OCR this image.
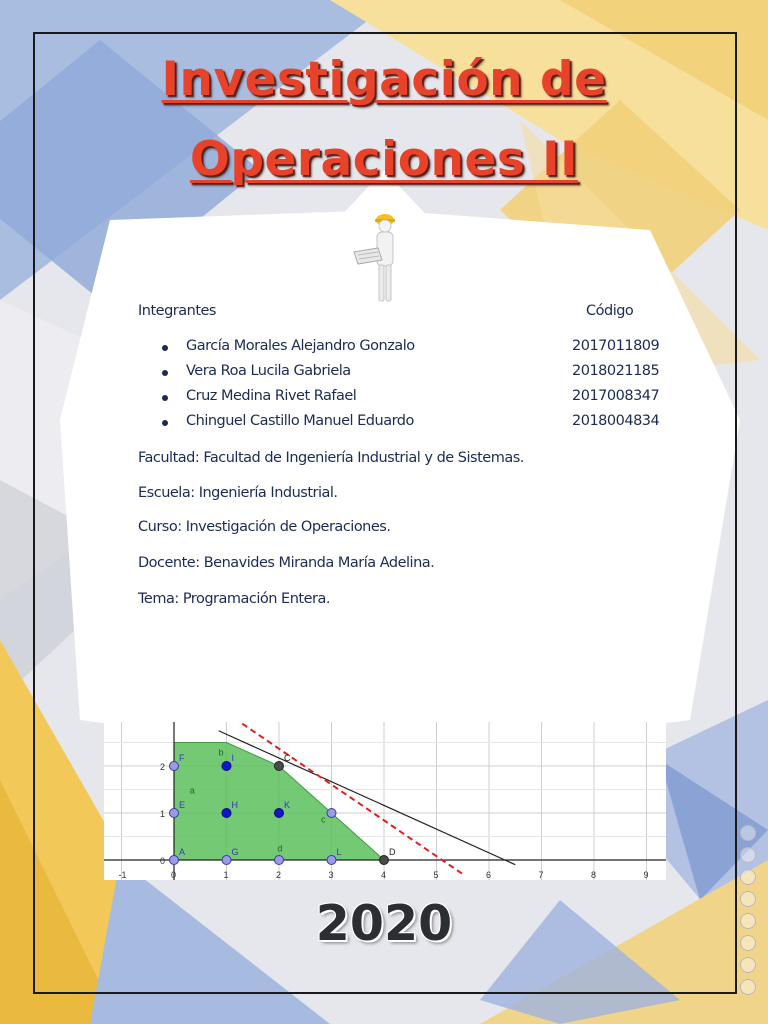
Investigación de
Operaciones II
Integrantes	Código
García Morales Alejandro Gonzalo	2017011809
Vera Roa Lucila Gabriela	2018021185
Cruz Medina Rivet Rafael	2017008347
Chinguel Castillo Manuel Eduardo	2018004834
Facultad: Facultad de Ingeniería Industrial y de Sistemas.
Escuela: Ingeniería Industrial.
Curso: Investigación de Operaciones.
Docente: Benavides Miranda María Adelina.
Tema: Programación Entera.
A	G	L	D
E	H	K
F	I	C
b
a
d
c
-1	0	1	2	3	4	5	6	7	8	9
0
1
2
2020
